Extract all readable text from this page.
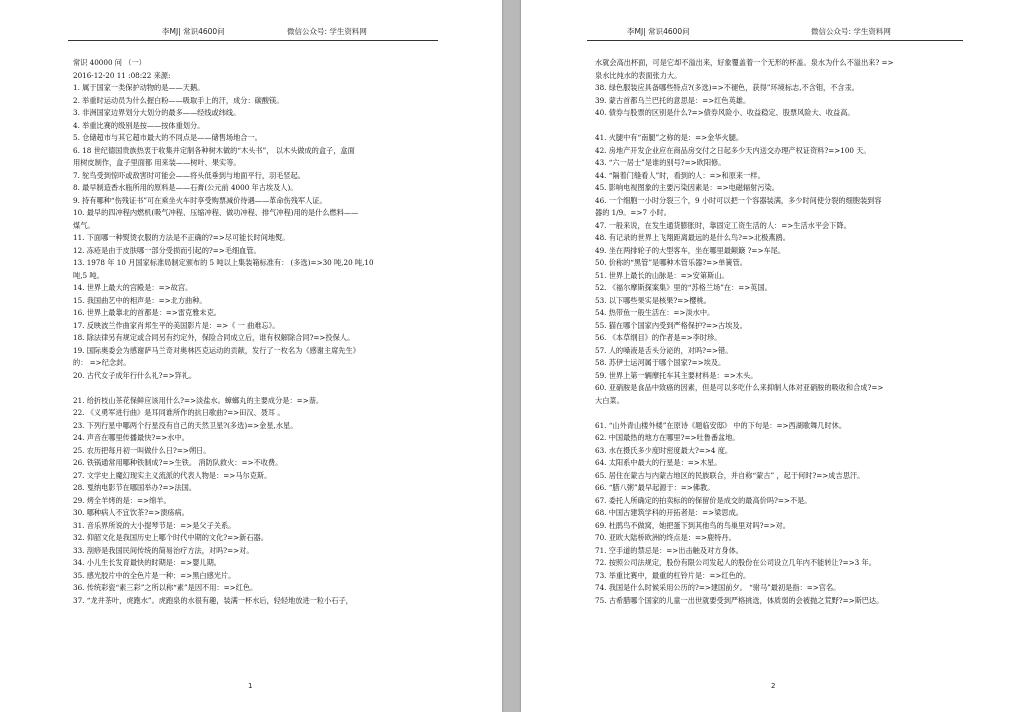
李MJ| 常识4600问	微信公众号: 学生资料网
常识 40000 问 （一）
2016-12-20 11 :08:22 来源:
1. 属于国家一类保护动物的是——天鹅。
2. 举重时运动员为什么握白粉——吸取手上的汗，成分：碳酸镁。
3. 非洲国家边界划分大划分的最多——经线或纬线。
4. 举重比赛的级别是按——按体重划分。
5. 仓储超市与其它超市最大的不同点是——储售场地合一。
6. 18 世纪德国贵族热衷于收集并定制各种树木做的“木头书”， 以木头做成的盒子，盒面
用树皮制作，盒子里面都 用来装——树叶、果实等。
7. 鸵鸟受到惊吓或敌害时可能会——将头低垂到与地面平行，羽毛竖起。
8. 最早制造香水瓶所用的原料是——石膏(公元前 4000 年古埃及人)。
9. 持有哪种“伤残证书”可在乘坐火车时享受购票减价待遇——革命伤残军人证。
10. 最早的四冲程内燃机(吸气冲程、压缩冲程、做功冲程、排气冲程)用的是什么燃料——
煤气。
11. 下面哪一种熨烫衣服的方法是不正确的?=>尽可能长时间地熨。
12. 冻疮是由于皮肤哪一部分受损而引起的?=>毛细血管。
13. 1978 年 10 月国家标准局制定颁布的 5 吨以上集装箱标准有： (多选)=>30 吨,20 吨,10
吨,5 吨。
14. 世界上最大的宫殿是：=>故宫。
15. 我国曲艺中的相声是：=>北方曲种。
16. 世界上最靠北的首都是：=>雷克雅未克。
17. 反映波兰作曲家肖邦生平的美国影片是：=>《 一 曲难忘》。
18. 除法律另有规定或合同另有约定外，保险合同成立后，谁有权解除合同?=>投保人。
19. 国际奥委会为感谢萨马兰奇对奥林匹克运动的贡献，发行了一枚名为《感谢主席先生》
的： =>纪念封。
20. 古代女子成年行什么礼?=>笄礼。
21. 给折枝山茶花保鲜应该用什么?=>淡盐水。蟑螂丸的主要成分是：=>萘。
22. 《义勇军进行曲》是耳同谁所作的抗日歌曲?=>田汉、聂耳 。
23. 下列行星中哪两个行星没有自己的天然卫星?(多选)=>金星,水星。
24. 声音在哪里传播最快?=>水中。
25. 农历把每月初一叫做什么日?=>朔日。
26. 铁锅通常用哪种铁制成?=>生铁。 消防队救火：=>不收费。
27. 文学史上魔幻现实主义流派的代表人物是：=>马尔克斯。
28. 戛纳电影节在哪国举办?=>法国。
29. 烤全羊烤的是：=>绵羊。
30. 哪种病人不宜饮茶?=>溃疡病。
31. 音乐界所说的大小提琴节是：=>是父子关系。
32. 仰韶文化是我国历史上哪个时代中期的文化?=>新石器。
33. 刮痧是我国民间传统的简易治疗方法，对吗?=>对。
34. 小儿生长发育最快的时期是：=>婴儿期。
35. 感光胶片中的全色片是一种：=>黑白感光片。
36. 传统彩瓷“素三彩”之所以称“素”是因不用：=>红色。
37. “龙井茶叶，虎跑水”。虎跑泉的水很有趣，装满一杯水后，轻轻地放进一粒小石子，
1
李MJ| 常识4600问	微信公众号: 学生资料网
水就会高出杯面，可是它却不溢出来，好象覆盖着一个无形的杯盖。泉水为什么不溢出来? =>
泉水比纯水的表面张力大。
38. 绿色服装应具备哪些特点?(多选)=>不褪色，获得”环境标志,不含钼，不含汞。
39. 蒙古首都乌兰巴托的意思是：=>红色英雄。
40. 债券与股票的区别是什么?=>债券风险小、收益稳定、股票风险大、收益高。
41. 火腿中有“南腿”之称的是：=>金华火腿。
42. 房地产开发企业应在商品房交付之日起多少天内送交办理产权证资料?=>100 天。
43. “六一居士”是谁的别号?=>欧阳修。
44. “隔着门缝看人”时，看到的人：=>和原来一样。
45. 影响电视图象的主要污染因素是：=>电磁辐射污染。
46. 一个细胞一小时分裂三个，9 小时可以把一个容器装满，多少时间使分裂的细胞装到容
器的 1/9。=>7 小时。
47. 一般来说，在发生通货膨胀时，靠固定工资生活的人：=>生活水平会下降。
48. 有记录的世界上飞翔距离最远的是什么鸟?=>北极燕鸥。
49. 坐在两排轮子的大型客车，坐在哪里最颠簸 ?=>车尾。
50. 价称的“黑管”是哪种木管乐器?=>单簧管。
51. 世界上最长的山脉是：=>安第斯山。
52. 《福尔摩斯探案集》里的“苏格兰场”在：=>英国。
53. 以下哪些果实是核果?=>樱桃。
54. 热带鱼一般生活在：=>淡水中。
55. 猫在哪个国家内受到严格保护?=>古埃及。
56. 《本草纲目》的作者是=>李时珍。
57. 人的嗓液是舌头分泌的，对吗?=>错。
58. 苏伊士运河属于哪个国家?=>埃及。
59. 世界上第一辆摩托车其主要材料是：=>木头。
60. 亚硝胺是食品中致癌的因素，但是可以多吃什么来抑制人体对亚硝胺的吸收和合成?=>
大白菜。
61. “山外青山楼外楼”在原诗《题临安邸》 中的下句是：=>西湖歌舞几时休。
62. 中国最热的地方在哪里?=>吐鲁番盆地。
63. 水在摄氏多少度时密度最大?=>4 度。
64. 太阳系中最大的行星是：=>木星。
65. 居住在蒙古与内蒙古地区的民族联合，并自称“蒙古” ，起于何时?=>成吉思汗。
66. “腊八粥”最早起源于：=>佛教。
67. 委托人所确定的拍卖标的的保留价是成交的最高价吗?=>不是。
68. 中国古建筑学科的开拓者是：=>梁思成。
69. 杜鹃鸟不做窝，她把蛋下到其他鸟的鸟巢里对吗?=>对。
70. 亚欧大陆桥欧洲的终点是：=>鹿特丹。
71. 空手道的禁忌是：=>出击触及对方身体。
72. 按照公司法规定，股份有限公司发起人的股份在公司设立几年内不能转让?=>3 年。
73. 举重比赛中，最重的杠铃片是：=>红色的。
74. 我国是什么时候采用公历的?=>建国前夕。 “驸马”最初是指：=>官名。
75. 古希腊哪个国家的儿童一出世就要受到严格挑选，体质弱的会被抛之荒野?=>斯巴达。
2
